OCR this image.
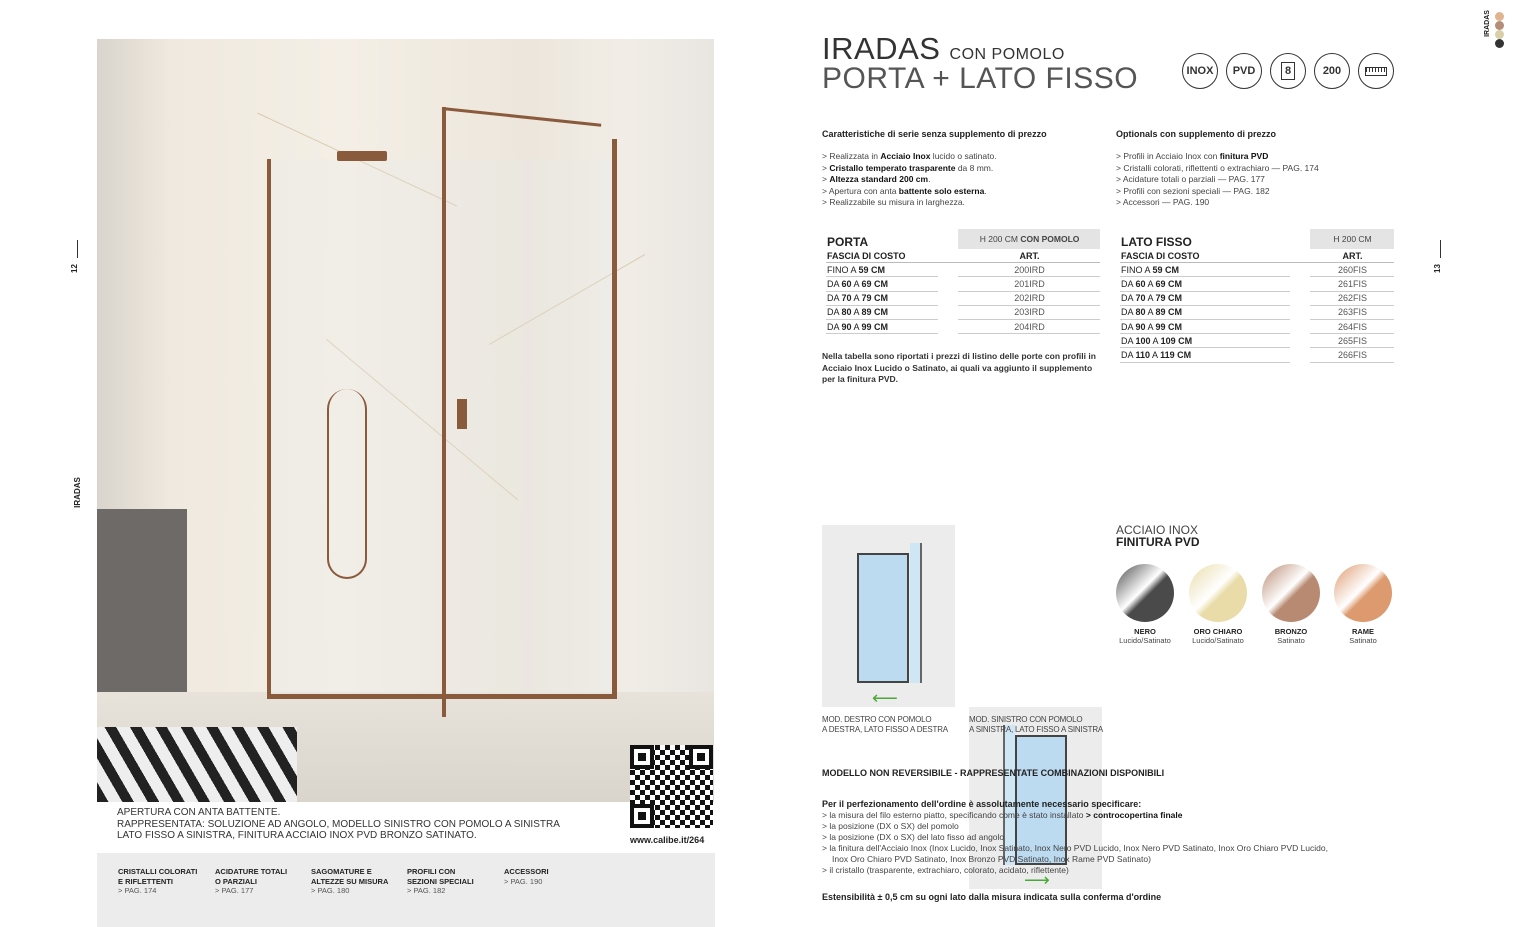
12
IRADAS
APERTURA CON ANTA BATTENTE.
RAPPRESENTATA: SOLUZIONE AD ANGOLO, MODELLO SINISTRO CON POMOLO A SINISTRA
LATO FISSO A SINISTRA, FINITURA ACCIAIO INOX PVD BRONZO SATINATO.	www.calibe.it/264
CRISTALLI COLORATI
E RIFLETTENTI
> PAG. 174
ACIDATURE TOTALI
O PARZIALI
> PAG. 177
SAGOMATURE E
ALTEZZE SU MISURA
> PAG. 180
PROFILI CON
SEZIONI SPECIALI
> PAG. 182
ACCESSORI
> PAG. 190
IRADAS
13
IRADAS CON POMOLO
PORTA + LATO FISSO	INOX	PVD	8	200
Caratteristiche di serie senza supplemento di prezzo
> Realizzata in Acciaio Inox lucido o satinato.
> Cristallo temperato trasparente da 8 mm.
> Altezza standard 200 cm.
> Apertura con anta battente solo esterna.
> Realizzabile su misura in larghezza.
Optionals con supplemento di prezzo
> Profili in Acciaio Inox con finitura PVD
> Cristalli colorati, riflettenti o extrachiaro — PAG. 174
> Acidature totali o parziali — PAG. 177
> Profili con sezioni speciali — PAG. 182
> Accessori — PAG. 190
PORTA		H 200 CM CON POMOLO
FASCIA DI COSTO		ART.
FINO A 59 CM		200IRD
DA 60 A 69 CM		201IRD
DA 70 A 79 CM		202IRD
DA 80 A 89 CM		203IRD
DA 90 A 99 CM		204IRD
LATO FISSO		H 200 CM
FASCIA DI COSTO		ART.
FINO A 59 CM		260FIS
DA 60 A 69 CM		261FIS
DA 70 A 79 CM		262FIS
DA 80 A 89 CM		263FIS
DA 90 A 99 CM		264FIS
DA 100 A 109 CM		265FIS
DA 110 A 119 CM		266FIS
Nella tabella sono riportati i prezzi di listino delle porte con profili in Acciaio Inox Lucido o Satinato, ai quali va aggiunto il supplemento per la finitura PVD.
⟵
⟶
MOD. DESTRO CON POMOLO
A DESTRA, LATO FISSO A DESTRA
MOD. SINISTRO CON POMOLO
A SINISTRA, LATO FISSO A SINISTRA
ACCIAIO INOX
FINITURA PVD
NERO
Lucido/Satinato
ORO CHIARO
Lucido/Satinato
BRONZO
Satinato
RAME
Satinato
MODELLO NON REVERSIBILE - RAPPRESENTATE COMBINAZIONI DISPONIBILI
Per il perfezionamento dell'ordine è assolutamente necessario specificare:
> la misura del filo esterno piatto, specificando come è stato installato > controcopertina finale
> la posizione (DX o SX) del pomolo
> la posizione (DX o SX) del lato fisso ad angolo
> la finitura dell'Acciaio Inox (Inox Lucido, Inox Satinato, Inox Nero PVD Lucido, Inox Nero PVD Satinato, Inox Oro Chiaro PVD Lucido,
Inox Oro Chiaro PVD Satinato, Inox Bronzo PVD Satinato, Inox Rame PVD Satinato)
> il cristallo (trasparente, extrachiaro, colorato, acidato, riflettente)
Estensibilità ± 0,5 cm su ogni lato dalla misura indicata sulla conferma d'ordine
